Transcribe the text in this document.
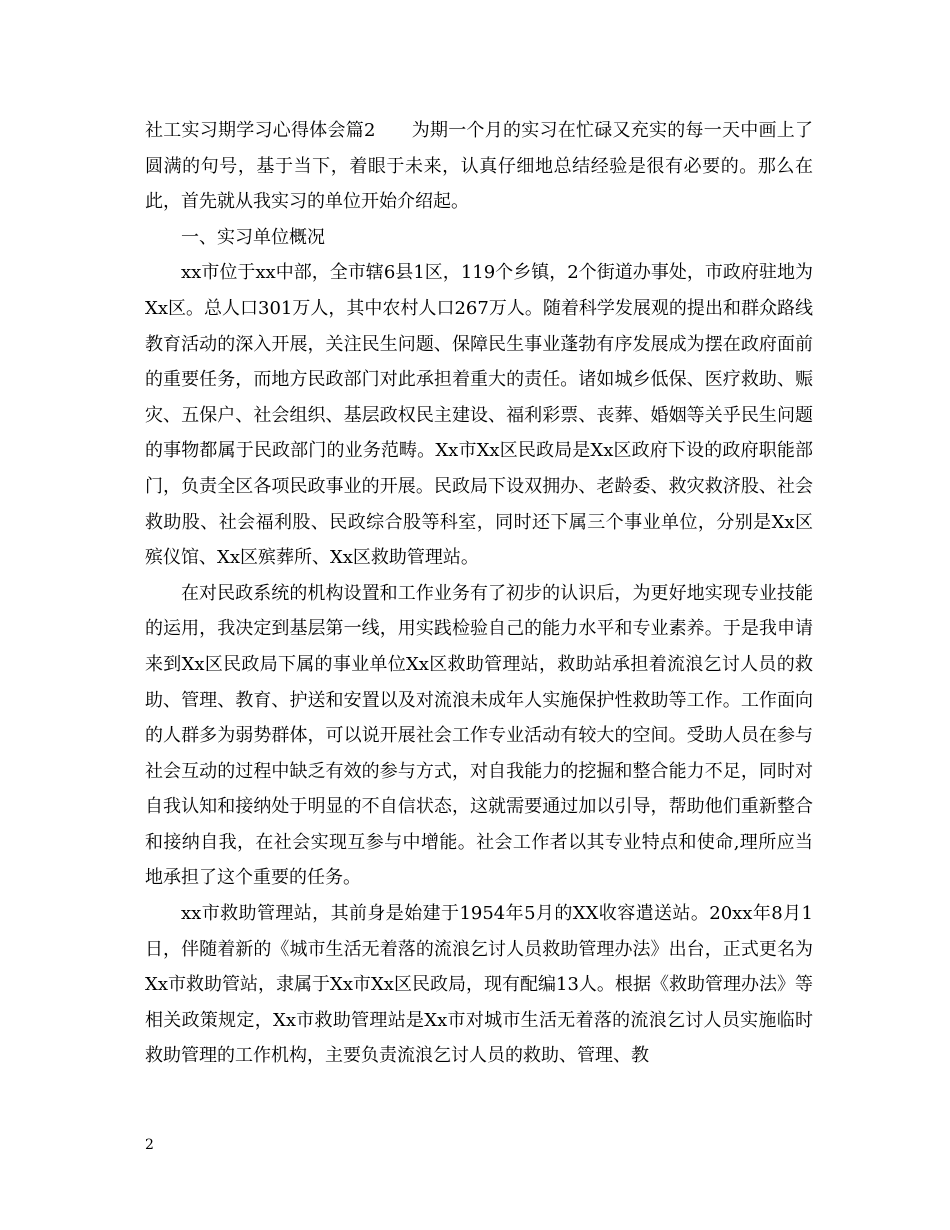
社工实习期学习心得体会篇2 为期一个月的实习在忙碌又充实的每一天中画上了圆满的句号，基于当下，着眼于未来，认真仔细地总结经验是很有必要的。那么在此，首先就从我实习的单位开始介绍起。

一、实习单位概况

xx市位于xx中部，全市辖6县1区，119个乡镇，2个街道办事处，市政府驻地为Xx区。总人口301万人，其中农村人口267万人。随着科学发展观的提出和群众路线教育活动的深入开展，关注民生问题、保障民生事业蓬勃有序发展成为摆在政府面前的重要任务，而地方民政部门对此承担着重大的责任。诸如城乡低保、医疗救助、赈灾、五保户、社会组织、基层政权民主建设、福利彩票、丧葬、婚姻等关乎民生问题的事物都属于民政部门的业务范畴。Xx市Xx区民政局是Xx区政府下设的政府职能部门，负责全区各项民政事业的开展。民政局下设双拥办、老龄委、救灾救济股、社会救助股、社会福利股、民政综合股等科室，同时还下属三个事业单位，分别是Xx区殡仪馆、Xx区殡葬所、Xx区救助管理站。

在对民政系统的机构设置和工作业务有了初步的认识后，为更好地实现专业技能的运用，我决定到基层第一线，用实践检验自己的能力水平和专业素养。于是我申请来到Xx区民政局下属的事业单位Xx区救助管理站，救助站承担着流浪乞讨人员的救助、管理、教育、护送和安置以及对流浪未成年人实施保护性救助等工作。工作面向的人群多为弱势群体，可以说开展社会工作专业活动有较大的空间。受助人员在参与社会互动的过程中缺乏有效的参与方式，对自我能力的挖掘和整合能力不足，同时对自我认知和接纳处于明显的不自信状态，这就需要通过加以引导，帮助他们重新整合和接纳自我，在社会实现互参与中增能。社会工作者以其专业特点和使命,理所应当地承担了这个重要的任务。

xx市救助管理站，其前身是始建于1954年5月的XX收容遣送站。20xx年8月1日，伴随着新的《城市生活无着落的流浪乞讨人员救助管理办法》出台，正式更名为Xx市救助管站，隶属于Xx市Xx区民政局，现有配编13人。根据《救助管理办法》等相关政策规定，Xx市救助管理站是Xx市对城市生活无着落的流浪乞讨人员实施临时救助管理的工作机构，主要负责流浪乞讨人员的救助、管理、教

2
